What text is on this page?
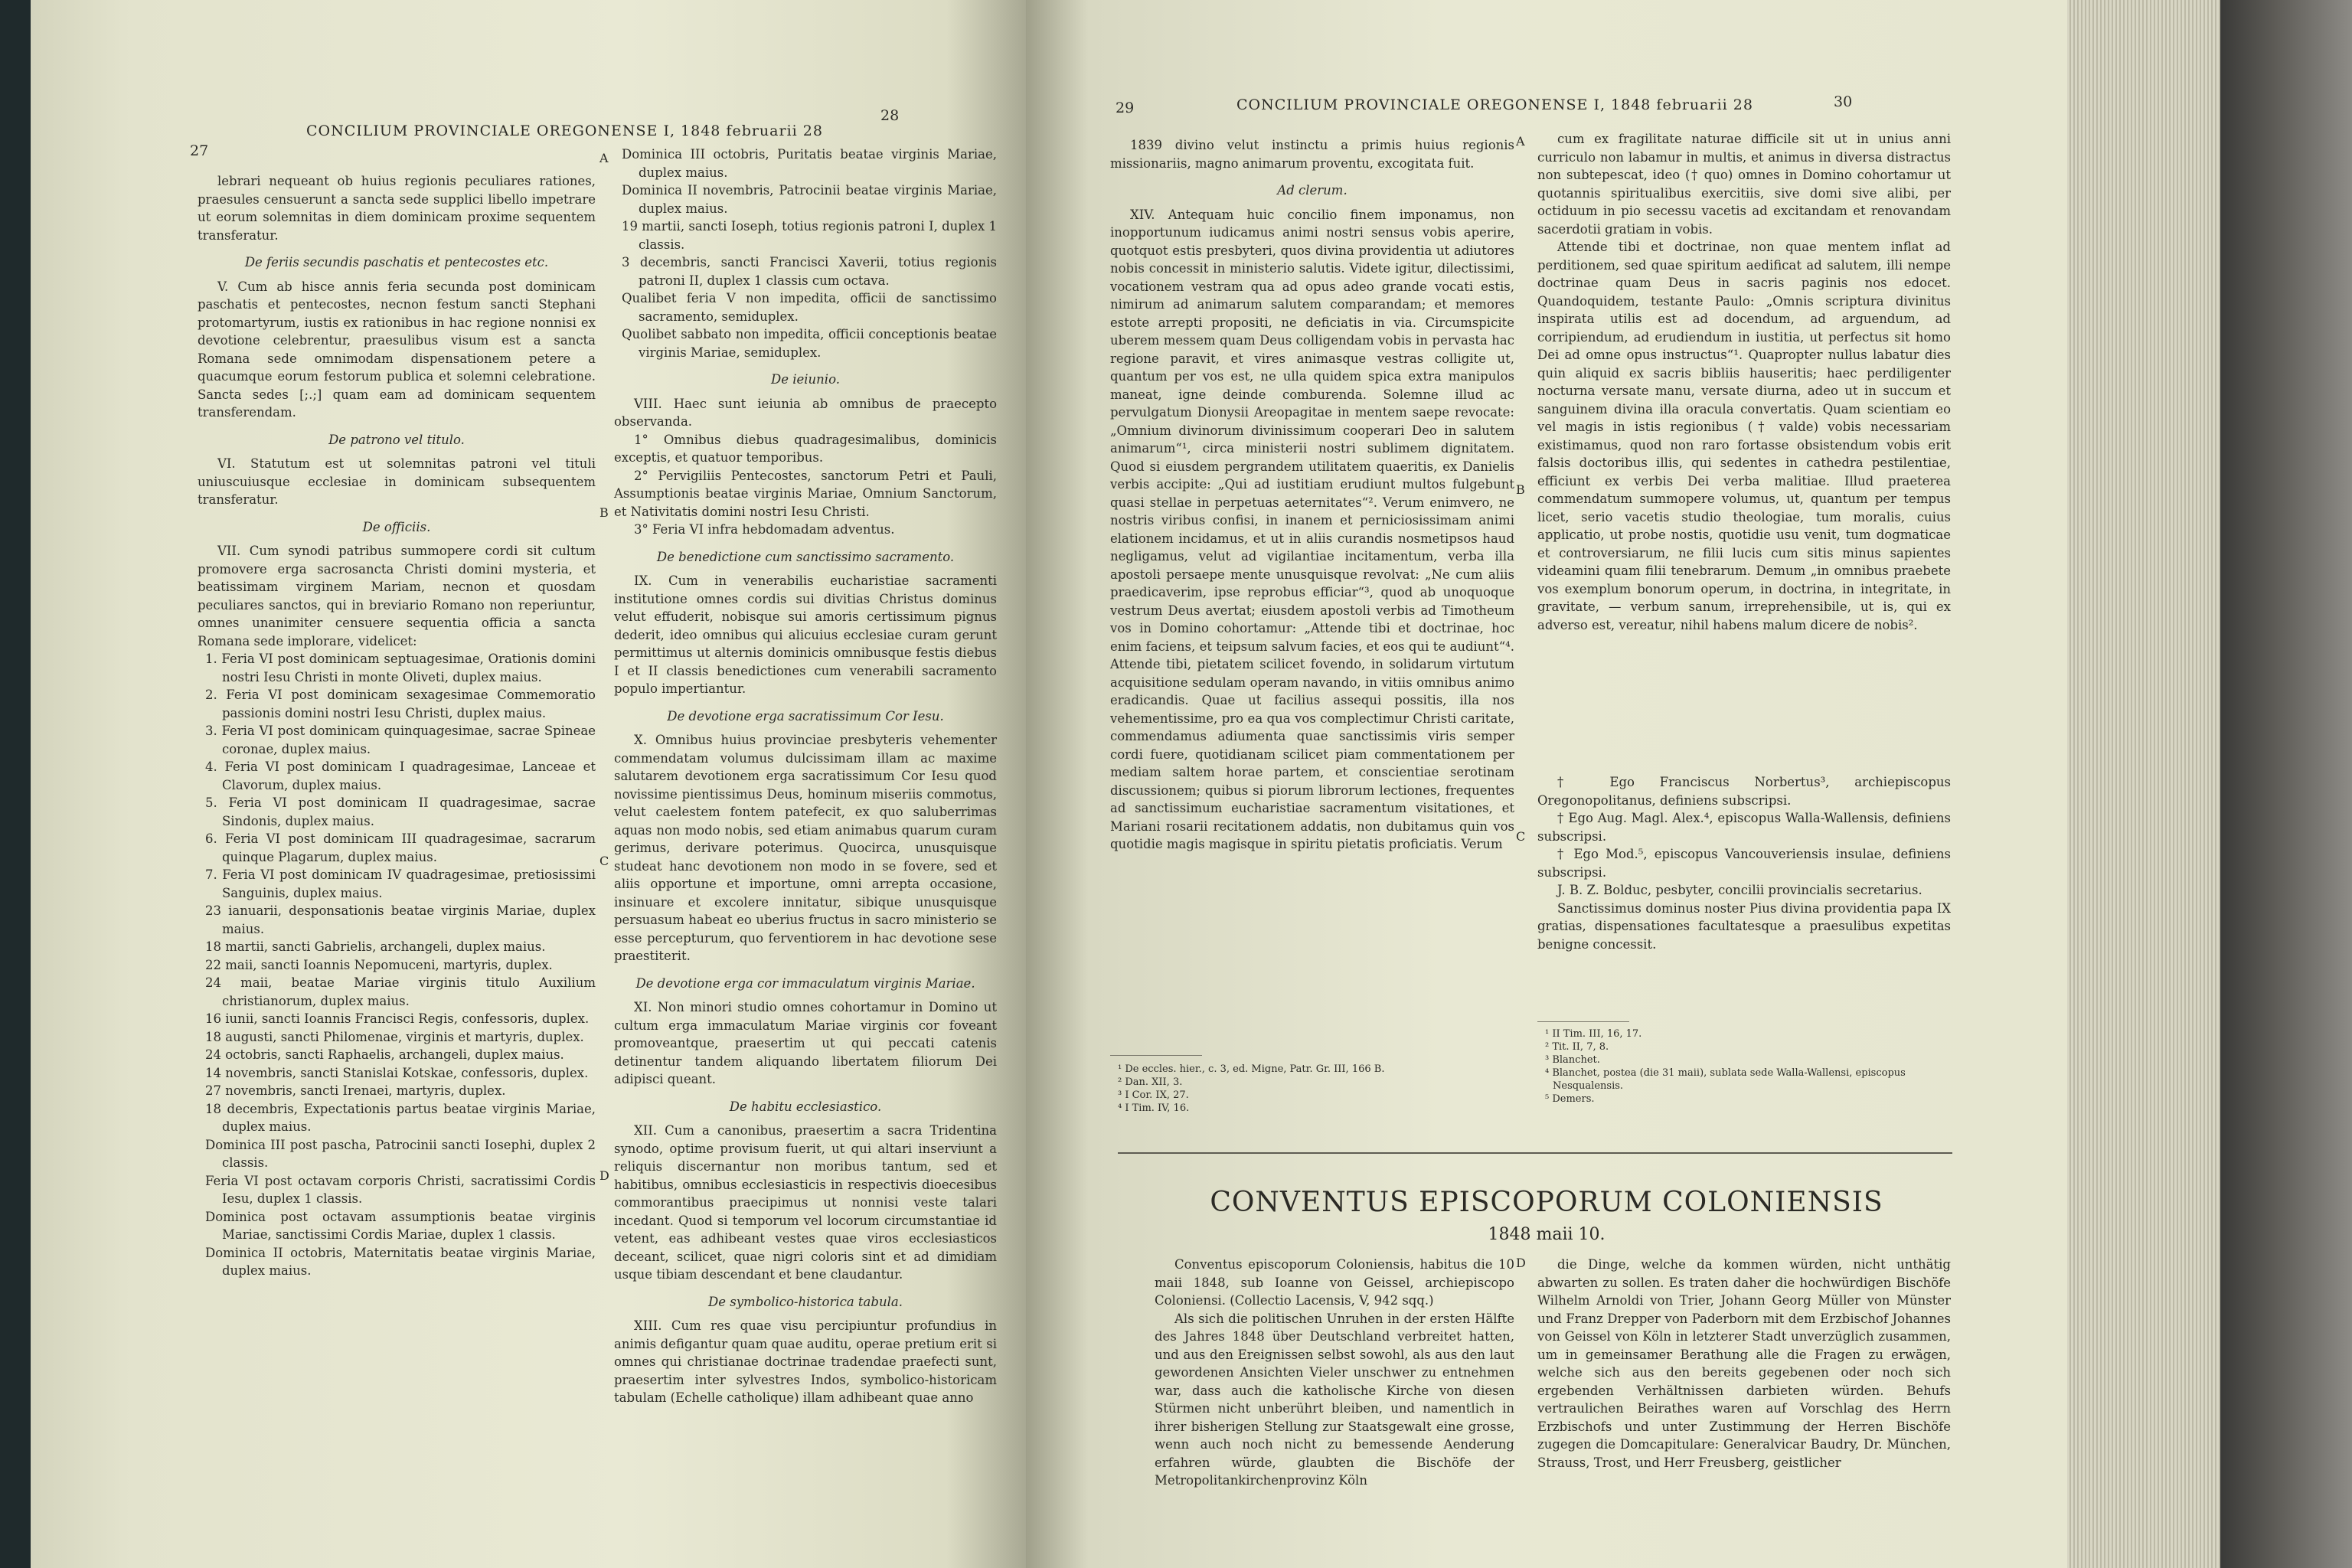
27
CONCILIUM PROVINCIALE OREGONENSE I, 1848 februarii 28
28

lebrari nequeant ob huius regionis peculiares rationes, praesules censuerunt a sancta sede supplici libello impetrare ut eorum solemnitas in diem dominicam proxime sequentem transferatur.

De feriis secundis paschatis et pentecostes etc.

V. Cum ab hisce annis feria secunda post dominicam paschatis et pentecostes, necnon festum sancti Stephani protomartyrum, iustis ex rationibus in hac regione nonnisi ex devotione celebrentur, praesulibus visum est a sancta Romana sede omnimodam dispensationem petere a quacumque eorum festorum publica et solemni celebratione. Sancta sedes [;.;] quam eam ad dominicam sequentem transferendam.

De patrono vel titulo.

VI. Statutum est ut solemnitas patroni vel tituli uniuscuiusque ecclesiae in dominicam subsequentem transferatur.

De officiis.

VII. Cum synodi patribus summopere cordi sit cultum promovere erga sacrosancta Christi domini mysteria, et beatissimam virginem Mariam, necnon et quosdam peculiares sanctos, qui in breviario Romano non reperiuntur, omnes unanimiter censuere sequentia officia a sancta Romana sede implorare, videlicet:

1. Feria VI post dominicam septuagesimae, Orationis domini nostri Iesu Christi in monte Oliveti, duplex maius.
2. Feria VI post dominicam sexagesimae Commemoratio passionis domini nostri Iesu Christi, duplex maius.
3. Feria VI post dominicam quinquagesimae, sacrae Spineae coronae, duplex maius.
4. Feria VI post dominicam I quadragesimae, Lanceae et Clavorum, duplex maius.
5. Feria VI post dominicam II quadragesimae, sacrae Sindonis, duplex maius.
6. Feria VI post dominicam III quadragesimae, sacrarum quinque Plagarum, duplex maius.
7. Feria VI post dominicam IV quadragesimae, pretiosissimi Sanguinis, duplex maius.
23 ianuarii, desponsationis beatae virginis Mariae, duplex maius.
18 martii, sancti Gabrielis, archangeli, duplex maius.
22 maii, sancti Ioannis Nepomuceni, martyris, duplex.
24 maii, beatae Mariae virginis titulo Auxilium christianorum, duplex maius.
16 iunii, sancti Ioannis Francisci Regis, confessoris, duplex.
18 augusti, sancti Philomenae, virginis et martyris, duplex.
24 octobris, sancti Raphaelis, archangeli, duplex maius.
14 novembris, sancti Stanislai Kotskae, confessoris, duplex.
27 novembris, sancti Irenaei, martyris, duplex.
18 decembris, Expectationis partus beatae virginis Mariae, duplex maius.
Dominica III post pascha, Patrocinii sancti Iosephi, duplex 2 classis.
Feria VI post octavam corporis Christi, sacratissimi Cordis Iesu, duplex 1 classis.
Dominica post octavam assumptionis beatae virginis Mariae, sanctissimi Cordis Mariae, duplex 1 classis.
Dominica II octobris, Maternitatis beatae virginis Mariae, duplex maius.
Dominica III octobris, Puritatis beatae virginis Mariae, duplex maius.
Dominica II novembris, Patrocinii beatae virginis Mariae, duplex maius.
19 martii, sancti Ioseph, totius regionis patroni I, duplex 1 classis.
3 decembris, sancti Francisci Xaverii, totius regionis patroni II, duplex 1 classis cum octava.
Qualibet feria V non impedita, officii de sanctissimo sacramento, semiduplex.
Quolibet sabbato non impedita, officii conceptionis beatae virginis Mariae, semiduplex.
De ieiunio.

VIII. Haec sunt ieiunia ab omnibus de praecepto observanda.

1° Omnibus diebus quadragesimalibus, dominicis exceptis, et quatuor temporibus.

2° Pervigiliis Pentecostes, sanctorum Petri et Pauli, Assumptionis beatae virginis Mariae, Omnium Sanctorum, et Nativitatis domini nostri Iesu Christi.

3° Feria VI infra hebdomadam adventus.

De benedictione cum sanctissimo sacramento.

IX. Cum in venerabilis eucharistiae sacramenti institutione omnes cordis sui divitias Christus dominus velut effuderit, nobisque sui amoris certissimum pignus dederit, ideo omnibus qui alicuius ecclesiae curam gerunt permittimus ut alternis dominicis omnibusque festis diebus I et II classis benedictiones cum venerabili sacramento populo impertiantur.

De devotione erga sacratissimum Cor Iesu.

X. Omnibus huius provinciae presbyteris vehementer commendatam volumus dulcissimam illam ac maxime salutarem devotionem erga sacratissimum Cor Iesu quod novissime pientissimus Deus, hominum miseriis commotus, velut caelestem fontem patefecit, ex quo saluberrimas aquas non modo nobis, sed etiam animabus quarum curam gerimus, derivare poterimus. Quocirca, unusquisque studeat hanc devotionem non modo in se fovere, sed et aliis opportune et importune, omni arrepta occasione, insinuare et excolere innitatur, sibique unusquisque persuasum habeat eo uberius fructus in sacro ministerio se esse percepturum, quo ferventiorem in hac devotione sese praestiterit.

De devotione erga cor immaculatum virginis Mariae.

XI. Non minori studio omnes cohortamur in Domino ut cultum erga immaculatum Mariae virginis cor foveant promoveantque, praesertim ut qui peccati catenis detinentur tandem aliquando libertatem filiorum Dei adipisci queant.

De habitu ecclesiastico.

XII. Cum a canonibus, praesertim a sacra Tridentina synodo, optime provisum fuerit, ut qui altari inserviunt a reliquis discernantur non moribus tantum, sed et habitibus, omnibus ecclesiasticis in respectivis dioecesibus commorantibus praecipimus ut nonnisi veste talari incedant. Quod si temporum vel locorum circumstantiae id vetent, eas adhibeant vestes quae viros ecclesiasticos deceant, scilicet, quae nigri coloris sint et ad dimidiam usque tibiam descendant et bene claudantur.

De symbolico-historica tabula.

XIII. Cum res quae visu percipiuntur profundius in animis defigantur quam quae auditu, operae pretium erit si omnes qui christianae doctrinae tradendae praefecti sunt, praesertim inter sylvestres Indos, symbolico-historicam tabulam (Echelle catholique) illam adhibeant quae anno

A
B
C
D
29	CONCILIUM PROVINCIALE OREGONENSE I, 1848 februarii 28	30

1839 divino velut instinctu a primis huius regionis missionariis, magno animarum proventu, excogitata fuit.

Ad clerum.

XIV. Antequam huic concilio finem imponamus, non inopportunum iudicamus animi nostri sensus vobis aperire, quotquot estis presbyteri, quos divina providentia ut adiutores nobis concessit in ministerio salutis. Videte igitur, dilectissimi, vocationem vestram qua ad opus adeo grande vocati estis, nimirum ad animarum salutem comparandam; et memores estote arrepti propositi, ne deficiatis in via. Circumspicite uberem messem quam Deus colligendam vobis in pervasta hac regione paravit, et vires animasque vestras colligite ut, quantum per vos est, ne ulla quidem spica extra manipulos maneat, igne deinde comburenda. Solemne illud ac pervulgatum Dionysii Areopagitae in mentem saepe revocate: „Omnium divinorum divinissimum cooperari Deo in salutem animarum“¹, circa ministerii nostri sublimem dignitatem. Quod si eiusdem pergrandem utilitatem quaeritis, ex Danielis verbis accipite: „Qui ad iustitiam erudiunt multos fulgebunt quasi stellae in perpetuas aeternitates“². Verum enimvero, ne nostris viribus confisi, in inanem et perniciosissimam animi elationem incidamus, et ut in aliis curandis nosmetipsos haud negligamus, velut ad vigilantiae incitamentum, verba illa apostoli persaepe mente unusquisque revolvat: „Ne cum aliis praedicaverim, ipse reprobus efficiar“³, quod ab unoquoque vestrum Deus avertat; eiusdem apostoli verbis ad Timotheum vos in Domino cohortamur: „Attende tibi et doctrinae, hoc enim faciens, et teipsum salvum facies, et eos qui te audiunt“⁴. Attende tibi, pietatem scilicet fovendo, in solidarum virtutum acquisitione sedulam operam navando, in vitiis omnibus animo eradicandis. Quae ut facilius assequi possitis, illa nos vehementissime, pro ea qua vos complectimur Christi caritate, commendamus adiumenta quae sanctissimis viris semper cordi fuere, quotidianam scilicet piam commentationem per mediam saltem horae partem, et conscientiae serotinam discussionem; quibus si piorum librorum lectiones, frequentes ad sanctissimum eucharistiae sacramentum visitationes, et Mariani rosarii recitationem addatis, non dubitamus quin vos quotidie magis magisque in spiritu pietatis proficiatis. Verum

¹ De eccles. hier., c. 3, ed. Migne, Patr. Gr. III, 166 B.
² Dan. XII, 3.
³ I Cor. IX, 27.
⁴ I Tim. IV, 16.

cum ex fragilitate naturae difficile sit ut in unius anni curriculo non labamur in multis, et animus in diversa distractus non subtepescat, ideo († quo) omnes in Domino cohortamur ut quotannis spiritualibus exercitiis, sive domi sive alibi, per octiduum in pio secessu vacetis ad excitandam et renovandam sacerdotii gratiam in vobis.

Attende tibi et doctrinae, non quae mentem inflat ad perditionem, sed quae spiritum aedificat ad salutem, illi nempe doctrinae quam Deus in sacris paginis nos edocet. Quandoquidem, testante Paulo: „Omnis scriptura divinitus inspirata utilis est ad docendum, ad arguendum, ad corripiendum, ad erudiendum in iustitia, ut perfectus sit homo Dei ad omne opus instructus“¹. Quapropter nullus labatur dies quin aliquid ex sacris bibliis hauseritis; haec perdiligenter nocturna versate manu, versate diurna, adeo ut in succum et sanguinem divina illa oracula convertatis. Quam scientiam eo vel magis in istis regionibus († valde) vobis necessariam existimamus, quod non raro fortasse obsistendum vobis erit falsis doctoribus illis, qui sedentes in cathedra pestilentiae, efficiunt ex verbis Dei verba malitiae. Illud praeterea commendatum summopere volumus, ut, quantum per tempus licet, serio vacetis studio theologiae, tum moralis, cuius applicatio, ut probe nostis, quotidie usu venit, tum dogmaticae et controversiarum, ne filii lucis cum sitis minus sapientes videamini quam filii tenebrarum. Demum „in omnibus praebete vos exemplum bonorum operum, in doctrina, in integritate, in gravitate, — verbum sanum, irreprehensibile, ut is, qui ex adverso est, vereatur, nihil habens malum dicere de nobis².

† Ego Franciscus Norbertus³, archiepiscopus Oregonopolitanus, definiens subscripsi.

† Ego Aug. Magl. Alex.⁴, episcopus Walla-Wallensis, definiens subscripsi.

† Ego Mod.⁵, episcopus Vancouveriensis insulae, definiens subscripsi.

J. B. Z. Bolduc, pesbyter, concilii provincialis secretarius.

Sanctissimus dominus noster Pius divina providentia papa IX gratias, dispensationes facultatesque a praesulibus expetitas benigne concessit.

¹ II Tim. III, 16, 17.
² Tit. II, 7, 8.
³ Blanchet.
⁴ Blanchet, postea (die 31 maii), sublata sede Walla-Wallensi, episcopus Nesqualensis.
⁵ Demers.
A
B
C
D

Conventus episcoporum Coloniensis, habitus die 10 maii 1848, sub Ioanne von Geissel, archiepiscopo Coloniensi. (Collectio Lacensis, V, 942 sqq.)

Als sich die politischen Unruhen in der ersten Hälfte des Jahres 1848 über Deutschland verbreitet hatten, und aus den Ereignissen selbst sowohl, als aus den laut gewordenen Ansichten Vieler unschwer zu entnehmen war, dass auch die katholische Kirche von diesen Stürmen nicht unberührt bleiben, und namentlich in ihrer bisherigen Stellung zur Staatsgewalt eine grosse, wenn auch noch nicht zu bemessende Aenderung erfahren würde, glaubten die Bischöfe der Metropolitankirchenprovinz Köln

die Dinge, welche da kommen würden, nicht unthätig abwarten zu sollen. Es traten daher die hochwürdigen Bischöfe Wilhelm Arnoldi von Trier, Johann Georg Müller von Münster und Franz Drepper von Paderborn mit dem Erzbischof Johannes von Geissel von Köln in letzterer Stadt unverzüglich zusammen, um in gemeinsamer Berathung alle die Fragen zu erwägen, welche sich aus den bereits gegebenen oder noch sich ergebenden Verhältnissen darbieten würden. Behufs vertraulichen Beirathes waren auf Vorschlag des Herrn Erzbischofs und unter Zustimmung der Herren Bischöfe zugegen die Domcapitulare: Generalvicar Baudry, Dr. München, Strauss, Trost, und Herr Freusberg, geistlicher

CONVENTUS EPISCOPORUM COLONIENSIS
1848 maii 10.
